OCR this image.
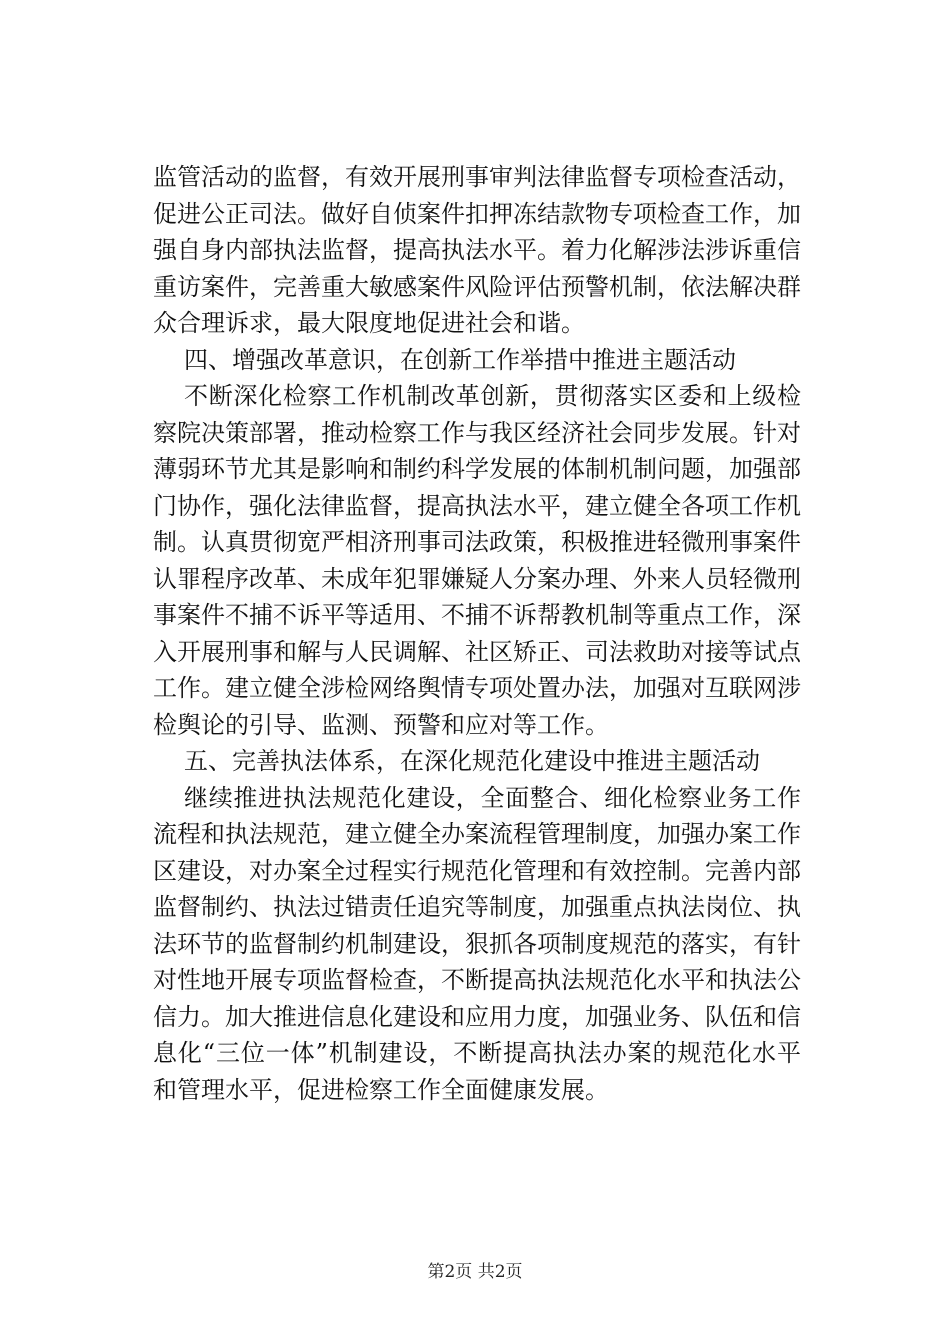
监管活动的监督，有效开展刑事审判法律监督专项检查活动，
促进公正司法。做好自侦案件扣押冻结款物专项检查工作，加
强自身内部执法监督，提高执法水平。着力化解涉法涉诉重信
重访案件，完善重大敏感案件风险评估预警机制，依法解决群
众合理诉求，最大限度地促进社会和谐。
四、增强改革意识，在创新工作举措中推进主题活动
不断深化检察工作机制改革创新，贯彻落实区委和上级检
察院决策部署，推动检察工作与我区经济社会同步发展。针对
薄弱环节尤其是影响和制约科学发展的体制机制问题，加强部
门协作，强化法律监督，提高执法水平，建立健全各项工作机
制。认真贯彻宽严相济刑事司法政策，积极推进轻微刑事案件
认罪程序改革、未成年犯罪嫌疑人分案办理、外来人员轻微刑
事案件不捕不诉平等适用、不捕不诉帮教机制等重点工作，深
入开展刑事和解与人民调解、社区矫正、司法救助对接等试点
工作。建立健全涉检网络舆情专项处置办法，加强对互联网涉
检舆论的引导、监测、预警和应对等工作。
五、完善执法体系，在深化规范化建设中推进主题活动
继续推进执法规范化建设，全面整合、细化检察业务工作
流程和执法规范，建立健全办案流程管理制度，加强办案工作
区建设，对办案全过程实行规范化管理和有效控制。完善内部
监督制约、执法过错责任追究等制度，加强重点执法岗位、执
法环节的监督制约机制建设，狠抓各项制度规范的落实，有针
对性地开展专项监督检查，不断提高执法规范化水平和执法公
信力。加大推进信息化建设和应用力度，加强业务、队伍和信
息化“三位一体”机制建设，不断提高执法办案的规范化水平
和管理水平，促进检察工作全面健康发展。
第2页 共2页
